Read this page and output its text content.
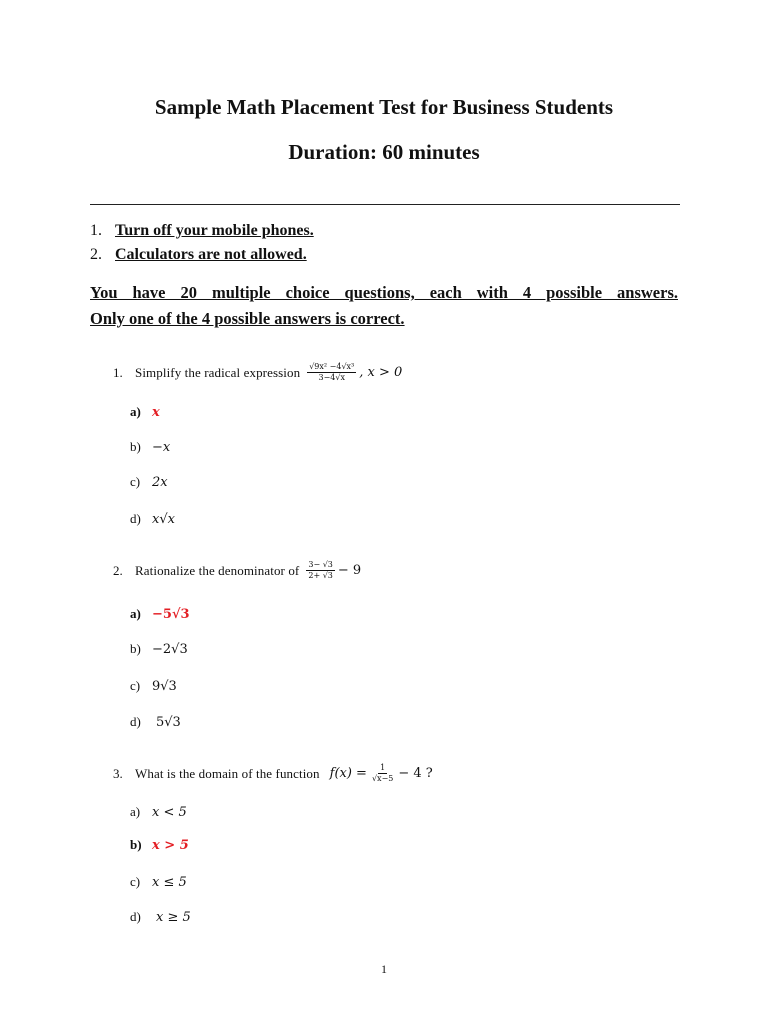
Sample Math Placement Test for Business Students
Duration: 60 minutes
1. Turn off your mobile phones.
2. Calculators are not allowed.
You have 20 multiple choice questions, each with 4 possible answers.
Only one of the 4 possible answers is correct.
1. Simplify the radical expression $\frac{\text{√9x² −4√x³}}{3-4√x}$ , x > 0
a) x
b) −x
c) 2x
d) x√x
2. Rationalize the denominator of $\frac{3- √3}{2+ √3} - 9$
a) −5√3
b) −2√3
c) 9√3
d)	5√3
3. What is the domain of the function $f(x) = \frac{1}{√x-5} - 4$ ?
a) x < 5
b) x > 5
c) x ≤ 5
d)	x ≥ 5
1
